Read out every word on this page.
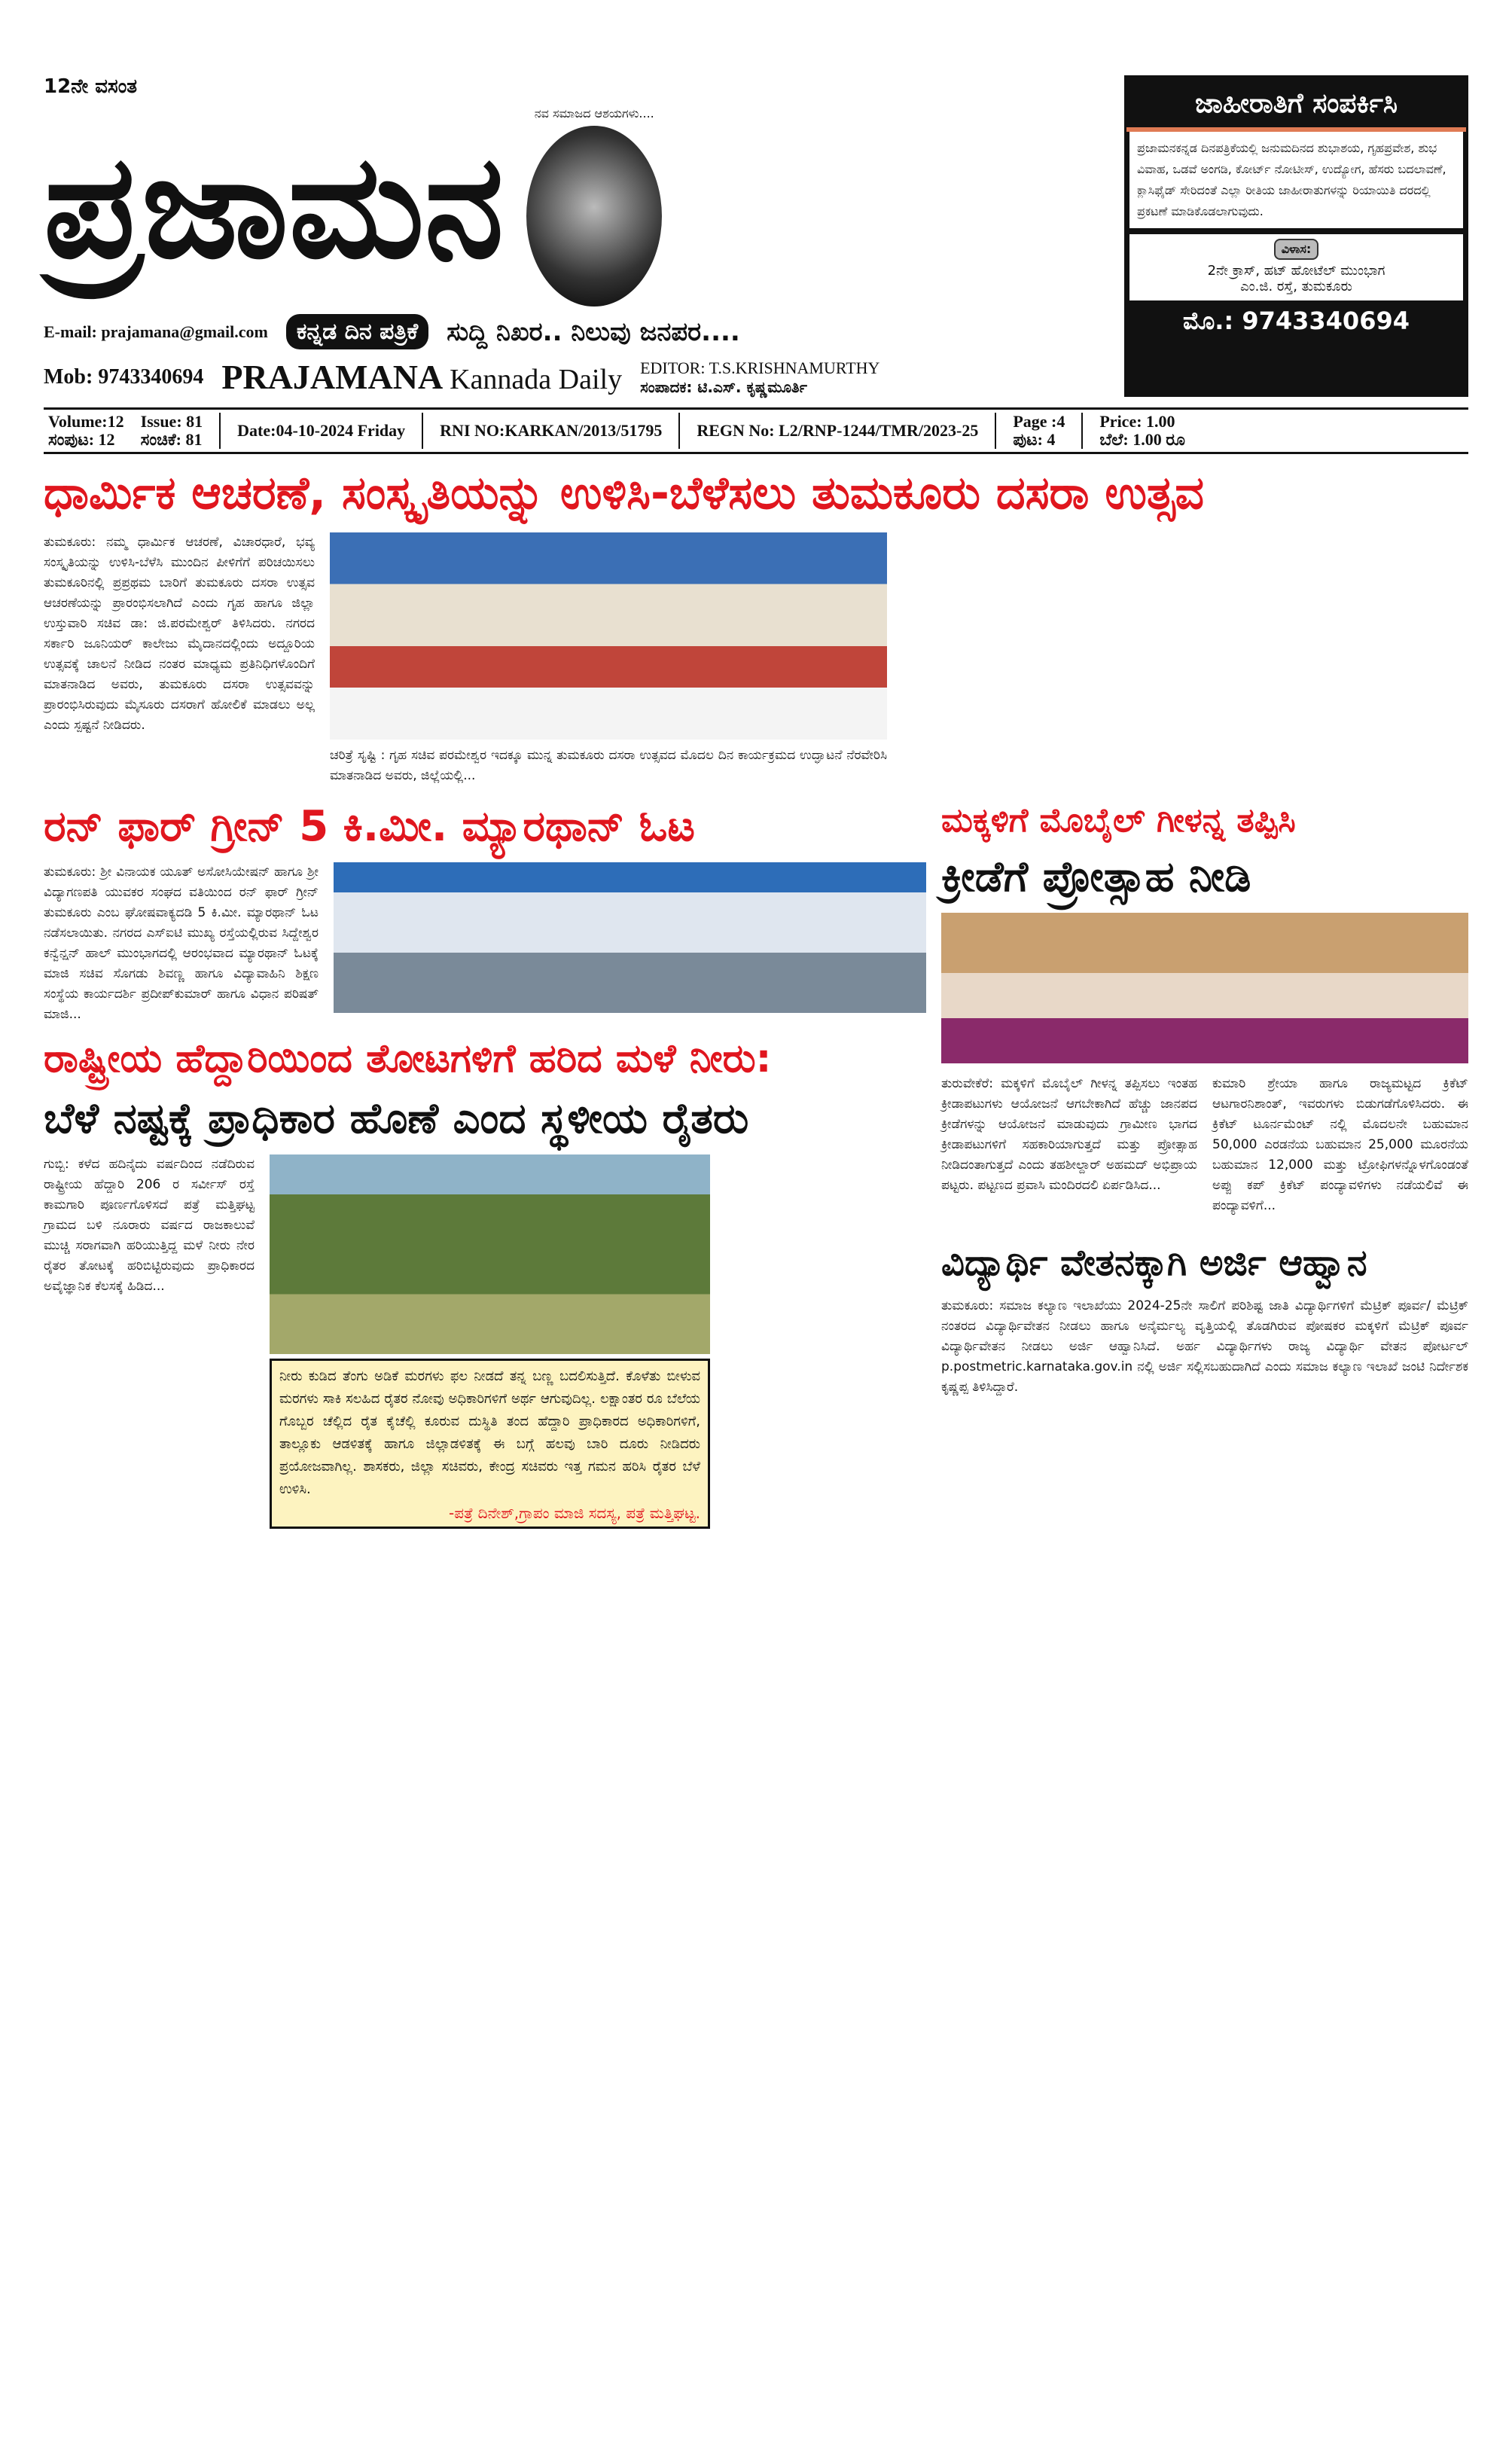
12ನೇ ವಸಂತ
ಪ್ರಜಾಮನ
ನವ ಸಮಾಜದ ಆಶಯಗಳು....
E-mail: prajamana@gmail.com	ಕನ್ನಡ ದಿನ ಪತ್ರಿಕೆ	ಸುದ್ದಿ ನಿಖರ.. ನಿಲುವು ಜನಪರ....
Mob: 9743340694 PRAJAMANA Kannada Daily EDITOR: T.S.KRISHNAMURTHY
ಸಂಪಾದಕ: ಟಿ.ಎಸ್. ಕೃಷ್ಣಮೂರ್ತಿ
ಜಾಹೀರಾತಿಗೆ ಸಂಪರ್ಕಿಸಿ
ಪ್ರಜಾಮನಕನ್ನಡ ದಿನಪತ್ರಿಕೆಯಲ್ಲಿ ಜನುಮದಿನದ ಶುಭಾಶಯ, ಗೃಹಪ್ರವೇಶ, ಶುಭ ವಿವಾಹ, ಒಡವೆ ಅಂಗಡಿ, ಕೋರ್ಟ್ ನೋಟೀಸ್, ಉದ್ಯೋಗ, ಹೆಸರು ಬದಲಾವಣೆ, ಕ್ಲಾಸಿಫೈಡ್ ಸೇರಿದಂತೆ ಎಲ್ಲಾ ರೀತಿಯ ಜಾಹೀರಾತುಗಳನ್ನು ರಿಯಾಯಿತಿ ದರದಲ್ಲಿ ಪ್ರಕಟಣೆ ಮಾಡಿಕೊಡಲಾಗುವುದು.
ವಿಳಾಸ:
2ನೇ ಕ್ರಾಸ್, ಹಟ್ ಹೋಟೆಲ್ ಮುಂಭಾಗ
ಎಂ.ಜಿ. ರಸ್ತೆ, ತುಮಕೂರು
ಮೊ.: 9743340694
Volume:12
ಸಂಪುಟ: 12
Issue: 81
ಸಂಚಿಕೆ: 81 Date:04-10-2024 Friday RNI NO:KARKAN/2013/51795 REGN No: L2/RNP-1244/TMR/2023-25 Page :4
ಪುಟ: 4
Price: 1.00
ಬೆಲೆ: 1.00 ರೂ
ಧಾರ್ಮಿಕ ಆಚರಣೆ, ಸಂಸ್ಕೃತಿಯನ್ನು ಉಳಿಸಿ-ಬೆಳೆಸಲು ತುಮಕೂರು ದಸರಾ ಉತ್ಸವ
ತುಮಕೂರು: ನಮ್ಮ ಧಾರ್ಮಿಕ ಆಚರಣೆ, ವಿಚಾರಧಾರೆ, ಭವ್ಯ ಸಂಸ್ಕೃತಿಯನ್ನು ಉಳಿಸಿ-ಬೆಳೆಸಿ ಮುಂದಿನ ಪೀಳಿಗೆಗೆ ಪರಿಚಯಿಸಲು ತುಮಕೂರಿನಲ್ಲಿ ಪ್ರಪ್ರಥಮ ಬಾರಿಗೆ ತುಮಕೂರು ದಸರಾ ಉತ್ಸವ ಆಚರಣೆಯನ್ನು ಪ್ರಾರಂಭಿಸಲಾಗಿದೆ ಎಂದು ಗೃಹ ಹಾಗೂ ಜಿಲ್ಲಾ ಉಸ್ತುವಾರಿ ಸಚಿವ ಡಾ: ಜಿ.ಪರಮೇಶ್ವರ್ ತಿಳಿಸಿದರು. ನಗರದ ಸರ್ಕಾರಿ ಜೂನಿಯರ್ ಕಾಲೇಜು ಮೈದಾನದಲ್ಲಿಂದು ಅದ್ದೂರಿಯ ಉತ್ಸವಕ್ಕೆ ಚಾಲನೆ ನೀಡಿದ ನಂತರ ಮಾಧ್ಯಮ ಪ್ರತಿನಿಧಿಗಳೊಂದಿಗೆ ಮಾತನಾಡಿದ ಅವರು, ತುಮಕೂರು ದಸರಾ ಉತ್ಸವವನ್ನು ಪ್ರಾರಂಭಿಸಿರುವುದು ಮೈಸೂರು ದಸರಾಗೆ ಹೋಲಿಕೆ ಮಾಡಲು ಅಲ್ಲ ಎಂದು ಸ್ಪಷ್ಟನೆ ನೀಡಿದರು.
ಚರಿತ್ರೆ ಸೃಷ್ಟಿ : ಗೃಹ ಸಚಿವ ಪರಮೇಶ್ವರ ಇದಕ್ಕೂ ಮುನ್ನ ತುಮಕೂರು ದಸರಾ ಉತ್ಸವದ ಮೊದಲ ದಿನ ಕಾರ್ಯಕ್ರಮದ ಉದ್ಘಾಟನೆ ನೆರವೇರಿಸಿ ಮಾತನಾಡಿದ ಅವರು, ಜಿಲ್ಲೆಯಲ್ಲಿ...
ರನ್ ಫಾರ್ ಗ್ರೀನ್ 5 ಕಿ.ಮೀ. ಮ್ಯಾರಥಾನ್ ಓಟ
ತುಮಕೂರು: ಶ್ರೀ ವಿನಾಯಕ ಯೂತ್ ಅಸೋಸಿಯೇಷನ್ ಹಾಗೂ ಶ್ರೀ ವಿದ್ಯಾಗಣಪತಿ ಯುವಕರ ಸಂಘದ ವತಿಯಿಂದ ರನ್ ಫಾರ್ ಗ್ರೀನ್ ತುಮಕೂರು ಎಂಬ ಘೋಷವಾಕ್ಯದಡಿ 5 ಕಿ.ಮೀ. ಮ್ಯಾರಥಾನ್ ಓಟ ನಡೆಸಲಾಯಿತು. ನಗರದ ಎಸ್‌ಐಟಿ ಮುಖ್ಯ ರಸ್ತೆಯಲ್ಲಿರುವ ಸಿದ್ದೇಶ್ವರ ಕನ್ವೆನ್ಷನ್ ಹಾಲ್ ಮುಂಭಾಗದಲ್ಲಿ ಆರಂಭವಾದ ಮ್ಯಾರಥಾನ್ ಓಟಕ್ಕೆ ಮಾಜಿ ಸಚಿವ ಸೊಗಡು ಶಿವಣ್ಣ ಹಾಗೂ ವಿದ್ಯಾವಾಹಿನಿ ಶಿಕ್ಷಣ ಸಂಸ್ಥೆಯ ಕಾರ್ಯದರ್ಶಿ ಪ್ರದೀಪ್‌ಕುಮಾರ್ ಹಾಗೂ ವಿಧಾನ ಪರಿಷತ್ ಮಾಜಿ...
ರಾಷ್ಟ್ರೀಯ ಹೆದ್ದಾರಿಯಿಂದ ತೋಟಗಳಿಗೆ ಹರಿದ ಮಳೆ ನೀರು:
ಬೆಳೆ ನಷ್ಟಕ್ಕೆ ಪ್ರಾಧಿಕಾರ ಹೊಣೆ ಎಂದ ಸ್ಥಳೀಯ ರೈತರು
ಗುಬ್ಬಿ: ಕಳೆದ ಹದಿನೈದು ವರ್ಷದಿಂದ ನಡೆದಿರುವ ರಾಷ್ಟ್ರೀಯ ಹೆದ್ದಾರಿ 206 ರ ಸರ್ವೀಸ್ ರಸ್ತೆ ಕಾಮಗಾರಿ ಪೂರ್ಣಗೊಳಿಸದೆ ಪತ್ರೆ ಮತ್ತಿಘಟ್ಟ ಗ್ರಾಮದ ಬಳಿ ನೂರಾರು ವರ್ಷದ ರಾಜಕಾಲುವೆ ಮುಚ್ಚಿ ಸರಾಗವಾಗಿ ಹರಿಯುತ್ತಿದ್ದ ಮಳೆ ನೀರು ನೇರ ರೈತರ ತೋಟಕ್ಕೆ ಹರಿಬಿಟ್ಟಿರುವುದು ಪ್ರಾಧಿಕಾರದ ಅವೈಜ್ಞಾನಿಕ ಕೆಲಸಕ್ಕೆ ಹಿಡಿದ...
ನೀರು ಕುಡಿದ ತೆಂಗು ಅಡಿಕೆ ಮರಗಳು ಫಲ ನೀಡದೆ ತನ್ನ ಬಣ್ಣ ಬದಲಿಸುತ್ತಿದೆ. ಕೊಳೆತು ಬೀಳುವ ಮರಗಳು ಸಾಕಿ ಸಲಹಿದ ರೈತರ ನೋವು ಅಧಿಕಾರಿಗಳಿಗೆ ಅರ್ಥ ಆಗುವುದಿಲ್ಲ. ಲಕ್ಷಾಂತರ ರೂ ಬೆಲೆಯ ಗೊಬ್ಬರ ಚೆಲ್ಲಿದ ರೈತ ಕೈಚೆಲ್ಲಿ ಕೂರುವ ದುಸ್ಥಿತಿ ತಂದ ಹೆದ್ದಾರಿ ಪ್ರಾಧಿಕಾರದ ಅಧಿಕಾರಿಗಳಿಗೆ, ತಾಲ್ಲೂಕು ಆಡಳಿತಕ್ಕೆ ಹಾಗೂ ಜಿಲ್ಲಾಡಳಿತಕ್ಕೆ ಈ ಬಗ್ಗೆ ಹಲವು ಬಾರಿ ದೂರು ನೀಡಿದರು ಪ್ರಯೋಜವಾಗಿಲ್ಲ. ಶಾಸಕರು, ಜಿಲ್ಲಾ ಸಚಿವರು, ಕೇಂದ್ರ ಸಚಿವರು ಇತ್ತ ಗಮನ ಹರಿಸಿ ರೈತರ ಬೆಳೆ ಉಳಿಸಿ.
-ಪತ್ರೆ ದಿನೇಶ್,ಗ್ರಾಪಂ ಮಾಜಿ ಸದಸ್ಯ, ಪತ್ರೆ ಮತ್ತಿಘಟ್ಟ.
ಮಕ್ಕಳಿಗೆ ಮೊಬೈಲ್ ಗೀಳನ್ನ ತಪ್ಪಿಸಿ
ಕ್ರೀಡೆಗೆ ಪ್ರೋತ್ಸಾಹ ನೀಡಿ
ತುರುವೇಕೆರೆ: ಮಕ್ಕಳಿಗೆ ಮೊಬೈಲ್ ಗೀಳನ್ನ ತಪ್ಪಿಸಲು ಇಂತಹ ಕ್ರೀಡಾಪಟುಗಳು ಆಯೋಜನೆ ಆಗಬೇಕಾಗಿದೆ ಹೆಚ್ಚು ಜಾನಪದ ಕ್ರೀಡೆಗಳನ್ನು ಆಯೋಜನೆ ಮಾಡುವುದು ಗ್ರಾಮೀಣ ಭಾಗದ ಕ್ರೀಡಾಪಟುಗಳಿಗೆ ಸಹಕಾರಿಯಾಗುತ್ತದೆ ಮತ್ತು ಪ್ರೋತ್ಸಾಹ ನೀಡಿದಂತಾಗುತ್ತದೆ ಎಂದು ತಹಶೀಲ್ದಾರ್ ಅಹಮದ್ ಅಭಿಪ್ರಾಯ ಪಟ್ಟರು. ಪಟ್ಟಣದ ಪ್ರವಾಸಿ ಮಂದಿರದಲಿ ಏರ್ಪಡಿಸಿದ...
ಕುಮಾರಿ ಶ್ರೇಯಾ ಹಾಗೂ ರಾಜ್ಯಮಟ್ಟದ ಕ್ರಿಕೆಟ್ ಆಟಗಾರನಿಶಾಂತ್, ಇವರುಗಳು ಬಿಡುಗಡೆಗೊಳಿಸಿದರು. ಈ ಕ್ರಿಕೆಟ್ ಟೂರ್ನಮೆಂಟ್ ನಲ್ಲಿ ಮೊದಲನೇ ಬಹುಮಾನ 50,000 ಎರಡನೆಯ ಬಹುಮಾನ 25,000 ಮೂರನೆಯ ಬಹುಮಾನ 12,000 ಮತ್ತು ಟ್ರೋಫಿಗಳನ್ನೊಳಗೊಂಡಂತೆ ಅಪ್ಪು ಕಪ್ ಕ್ರಿಕೆಟ್ ಪಂದ್ಯಾವಳಿಗಳು ನಡೆಯಲಿವೆ ಈ ಪಂದ್ಯಾವಳಿಗೆ...
ವಿದ್ಯಾರ್ಥಿ ವೇತನಕ್ಕಾಗಿ ಅರ್ಜಿ ಆಹ್ವಾನ
ತುಮಕೂರು: ಸಮಾಜ ಕಲ್ಯಾಣ ಇಲಾಖೆಯು 2024-25ನೇ ಸಾಲಿಗೆ ಪರಿಶಿಷ್ಟ ಜಾತಿ ವಿದ್ಯಾರ್ಥಿಗಳಿಗೆ ಮೆಟ್ರಿಕ್ ಪೂರ್ವ/ ಮೆಟ್ರಿಕ್ ನಂತರದ ವಿದ್ಯಾರ್ಥಿವೇತನ ನೀಡಲು ಹಾಗೂ ಅನೈರ್ಮಲ್ಯ ವೃತ್ತಿಯಲ್ಲಿ ತೊಡಗಿರುವ ಪೋಷಕರ ಮಕ್ಕಳಿಗೆ ಮೆಟ್ರಿಕ್ ಪೂರ್ವ ವಿದ್ಯಾರ್ಥಿವೇತನ ನೀಡಲು ಅರ್ಜಿ ಆಹ್ವಾನಿಸಿದೆ. ಅರ್ಹ ವಿದ್ಯಾರ್ಥಿಗಳು ರಾಜ್ಯ ವಿದ್ಯಾರ್ಥಿ ವೇತನ ಪೋರ್ಟಲ್ p.postmetric.karnataka.gov.in ನಲ್ಲಿ ಅರ್ಜಿ ಸಲ್ಲಿಸಬಹುದಾಗಿದೆ ಎಂದು ಸಮಾಜ ಕಲ್ಯಾಣ ಇಲಾಖೆ ಜಂಟಿ ನಿರ್ದೇಶಕ ಕೃಷ್ಣಪ್ಪ ತಿಳಿಸಿದ್ದಾರೆ.
